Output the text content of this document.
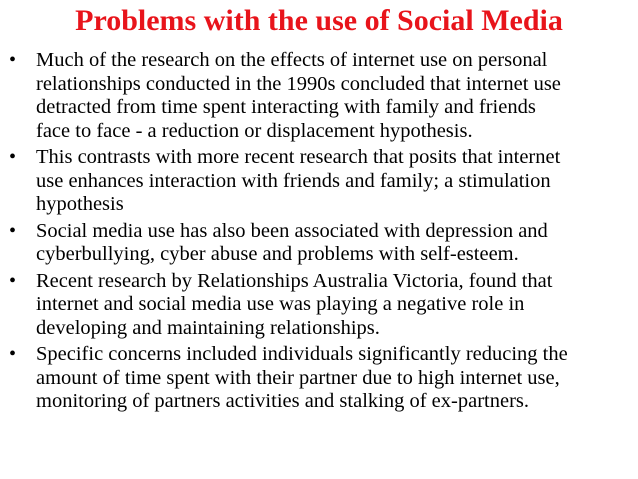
Problems with the use of Social Media
• Much of the research on the effects of internet use on personal
relationships conducted in the 1990s concluded that internet use
detracted from time spent interacting with family and friends
face to face - a reduction or displacement hypothesis.
• This contrasts with more recent research that posits that internet
use enhances interaction with friends and family; a stimulation
hypothesis
• Social media use has also been associated with depression and
cyberbullying, cyber abuse and problems with self-esteem.
• Recent research by Relationships Australia Victoria, found that
internet and social media use was playing a negative role in
developing and maintaining relationships.
• Specific concerns included individuals significantly reducing the
amount of time spent with their partner due to high internet use,
monitoring of partners activities and stalking of ex-partners.
